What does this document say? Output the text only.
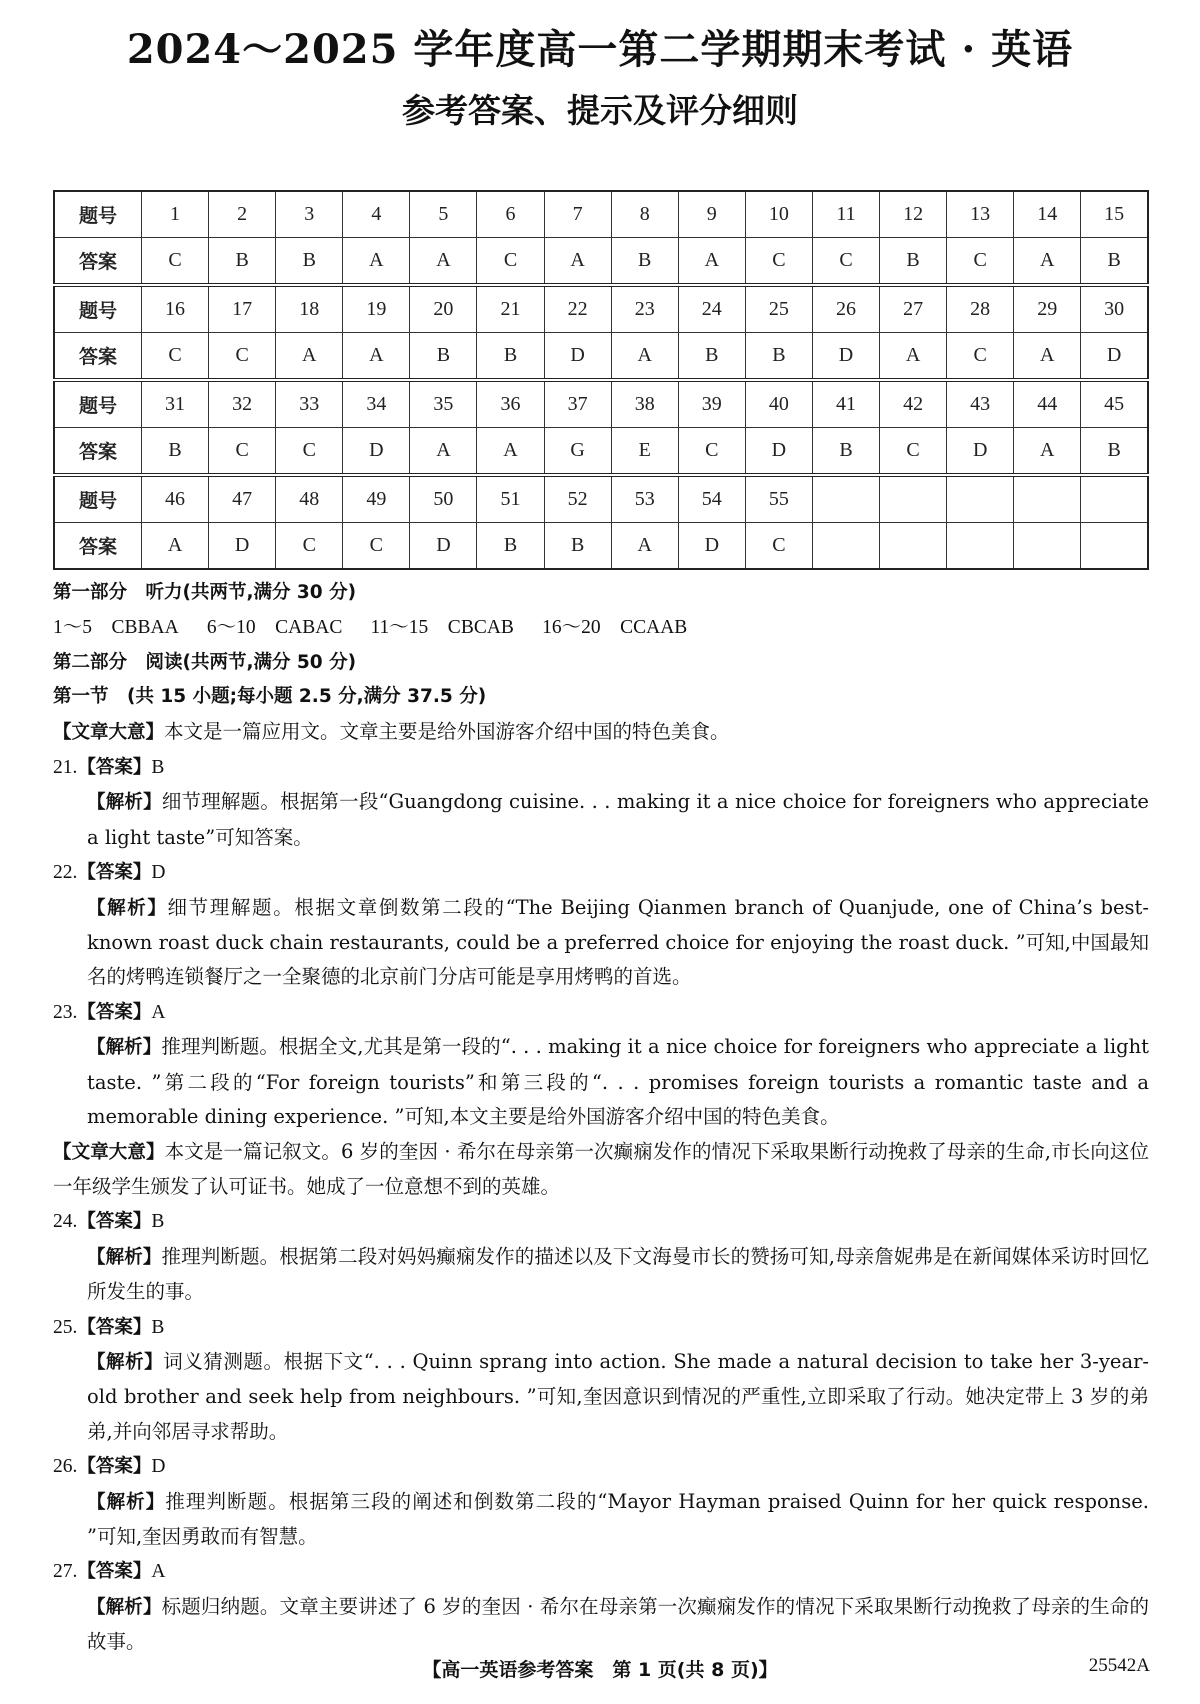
2024～2025 学年度高一第二学期期末考试 · 英语
参考答案、提示及评分细则
题号	1	2	3	4	5	6	7	8	9	10	11	12	13	14	15
答案	C	B	B	A	A	C	A	B	A	C	C	B	C	A	B
题号	16	17	18	19	20	21	22	23	24	25	26	27	28	29	30
答案	C	C	A	A	B	B	D	A	B	B	D	A	C	A	D
题号	31	32	33	34	35	36	37	38	39	40	41	42	43	44	45
答案	B	C	C	D	A	A	G	E	C	D	B	C	D	A	B
题号	46	47	48	49	50	51	52	53	54	55					
答案	A	D	C	C	D	B	B	A	D	C					
第一部分　听力(共两节,满分 30 分)
1～5　CBBAA 6～10　CABAC 11～15　CBCAB 16～20　CCAAB
第二部分　阅读(共两节,满分 50 分)
第一节　(共 15 小题;每小题 2.5 分,满分 37.5 分)
【文章大意】本文是一篇应用文。文章主要是给外国游客介绍中国的特色美食。
21.【答案】B
【解析】细节理解题。根据第一段“Guangdong cuisine. . . making it a nice choice for foreigners who appreciate a light taste”可知答案。
22.【答案】D
【解析】细节理解题。根据文章倒数第二段的“The Beijing Qianmen branch of Quanjude, one of China’s best-known roast duck chain restaurants, could be a preferred choice for enjoying the roast duck. ”可知,中国最知名的烤鸭连锁餐厅之一全聚德的北京前门分店可能是享用烤鸭的首选。
23.【答案】A
【解析】推理判断题。根据全文,尤其是第一段的“. . . making it a nice choice for foreigners who appreciate a light taste. ”第二段的“For foreign tourists”和第三段的“. . . promises foreign tourists a romantic taste and a memorable dining experience. ”可知,本文主要是给外国游客介绍中国的特色美食。
【文章大意】本文是一篇记叙文。6 岁的奎因 · 希尔在母亲第一次癫痫发作的情况下采取果断行动挽救了母亲的生命,市长向这位一年级学生颁发了认可证书。她成了一位意想不到的英雄。
24.【答案】B
【解析】推理判断题。根据第二段对妈妈癫痫发作的描述以及下文海曼市长的赞扬可知,母亲詹妮弗是在新闻媒体采访时回忆所发生的事。
25.【答案】B
【解析】词义猜测题。根据下文“. . . Quinn sprang into action. She made a natural decision to take her 3-year-old brother and seek help from neighbours. ”可知,奎因意识到情况的严重性,立即采取了行动。她决定带上 3 岁的弟弟,并向邻居寻求帮助。
26.【答案】D
【解析】推理判断题。根据第三段的阐述和倒数第二段的“Mayor Hayman praised Quinn for her quick response. ”可知,奎因勇敢而有智慧。
27.【答案】A
【解析】标题归纳题。文章主要讲述了 6 岁的奎因 · 希尔在母亲第一次癫痫发作的情况下采取果断行动挽救了母亲的生命的故事。
【高一英语参考答案　第 1 页(共 8 页)】	25542A
